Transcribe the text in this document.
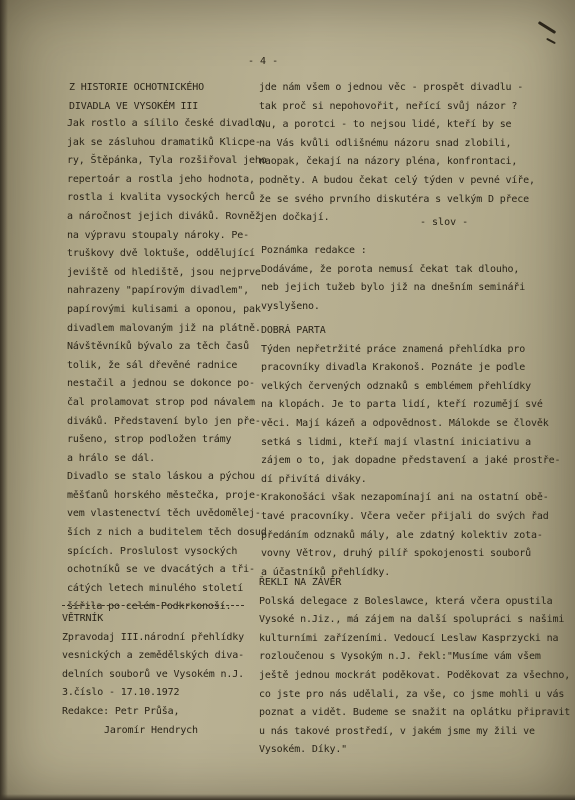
- 4 -
Z HISTORIE OCHOTNICKÉHO
DIVADLA VE VYSOKÉM III
Jak rostlo a sílilo české divadlo,
jak se zásluhou dramatiků Klicpe-
ry, Štěpánka, Tyla rozšiřoval jeho
repertoár a rostla jeho hodnota,
rostla i kvalita vysockých herců
a náročnost jejich diváků. Rovněž
na výpravu stoupaly nároky. Pe-
truškovy dvě loktuše, oddělující
jeviště od hlediště, jsou nejprve
nahrazeny "papírovým divadlem",
papírovými kulisami a oponou, pak
divadlem malovaným již na plátně.
Návštěvníků bývalo za těch časů
tolik, že sál dřevěné radnice
nestačil a jednou se dokonce po-
čal prolamovat strop pod návalem
diváků. Představení bylo jen pře-
rušeno, strop podložen trámy
a hrálo se dál.
Divadlo se stalo láskou a pýchou
měšťanů horského městečka, proje-
vem vlastenectví těch uvědomělej-
ších z nich a buditelem těch dosud
spících. Proslulost vysockých
ochotníků se ve dvacátých a tři-
cátých letech minulého století
šířila po celém Podkrkonoší.
VĚTRNÍK
Zpravodaj III.národní přehlídky
vesnických a zemědělských diva-
delních souborů ve Vysokém n.J.
3.číslo - 17.10.1972
Redakce: Petr Průša,
Jaromír Hendrych
jde nám všem o jednou věc - prospět divadlu -
tak proč si nepohovořit, neřící svůj názor ?
Nu, a porotci - to nejsou lidé, kteří by se
na Vás kvůli odlišnému názoru snad zlobili,
naopak, čekají na názory pléna, konfrontaci,
podněty. A budou čekat celý týden v pevné víře,
že se svého prvního diskutéra s velkým D přece
jen dočkají.	- slov -
Poznámka redakce :
Dodáváme, že porota nemusí čekat tak dlouho,
neb jejich tužeb bylo již na dnešním semináři
vyslyšeno.
DOBRÁ PARTA
Týden nepřetržité práce znamená přehlídka pro
pracovníky divadla Krakonoš. Poznáte je podle
velkých červených odznaků s emblémem přehlídky
na klopách. Je to parta lidí, kteří rozumějí své
věci. Mají kázeň a odpovědnost. Málokde se člověk
setká s lidmi, kteří mají vlastní iniciativu a
zájem o to, jak dopadne představení a jaké prostře-
dí přivítá diváky.
Krakonošáci však nezapomínají ani na ostatní obě-
tavé pracovníky. Včera večer přijali do svých řad
předáním odznaků mály, ale zdatný kolektiv zota-
vovny Větrov, druhý pilíř spokojenosti souborů
a účastníků přehlídky.
ŘEKLI NA ZÁVĚR
Polská delegace z Boleslawce, která včera opustila
Vysoké n.Jiz., má zájem na další spolupráci s našimi
kulturními zařízeními. Vedoucí Leslaw Kasprzycki na
rozloučenou s Vysokým n.J. řekl:"Musíme vám všem
ještě jednou mockrát poděkovat. Poděkovat za všechno,
co jste pro nás udělali, za vše, co jsme mohli u vás
poznat a vidět. Budeme se snažit na oplátku připravit
u nás takové prostředí, v jakém jsme my žili ve
Vysokém. Díky."
